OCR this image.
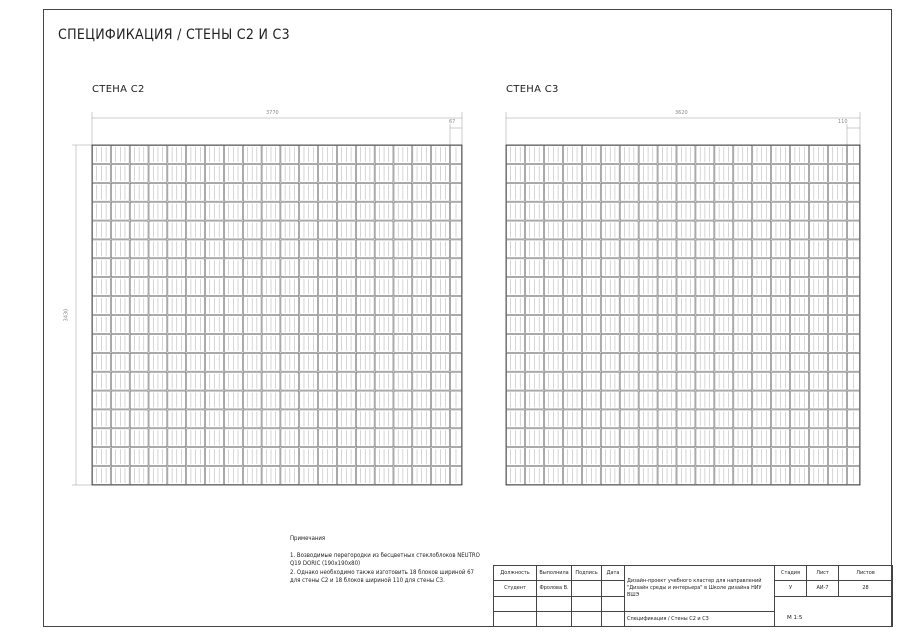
СПЕЦИФИКАЦИЯ / СТЕНЫ С2 И С3
СТЕНА С2	СТЕНА С3
3770
67
3430
3620
110
Примечания
1. Возводимые перегородки из бесцветных стеклоблоков NEUTRO Q19 DORIC (190х190х80)
2. Однако необходимо также изготовить 18 блоков шириной 67 для стены С2 и 18 блоков шириной 110 для стены С3.
Должность	Выполнила	Подпись	Дата	Дизайн-проект учебного кластер для направлений "Дизайн среды и интерьера" в Школе дизайна НИУ ВШЭ	Стадия	Лист	Листов
Студент	Фролова В.				У	АИ-7	28

				Спецификация / Стены С2 и С3				М 1:5
